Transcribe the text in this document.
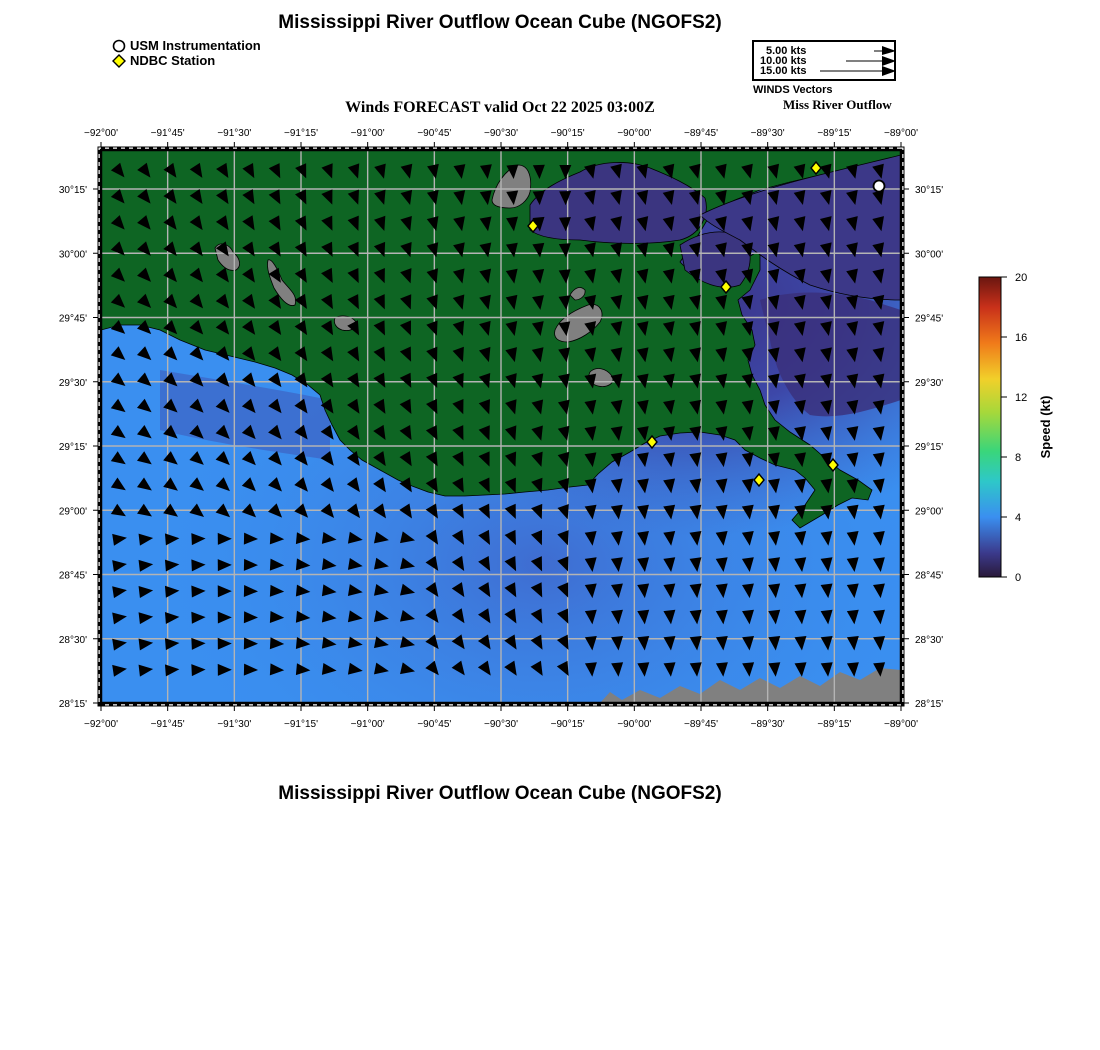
Mississippi River Outflow Ocean Cube (NGOFS2)
USM Instrumentation
NDBC Station
5.00 kts
10.00 kts
15.00 kts
WINDS Vectors
Winds FORECAST valid Oct 22 2025 03:00Z	Miss River Outflow
−92°00'
−92°00'
−91°45'
−91°45'
−91°30'
−91°30'
−91°15'
−91°15'
−91°00'
−91°00'
−90°45'
−90°45'
−90°30'
−90°30'
−90°15'
−90°15'
−90°00'
−90°00'
−89°45'
−89°45'
−89°30'
−89°30'
−89°15'
−89°15'
−89°00'
−89°00'
30°15'	30°15'
30°00'	30°00'
29°45'	29°45'
29°30'	29°30'
29°15'	29°15'
29°00'	29°00'
28°45'	28°45'
28°30'	28°30'
28°15'	28°15'
20
16
12
8
4
0
Speed (kt)
Mississippi River Outflow Ocean Cube (NGOFS2)
